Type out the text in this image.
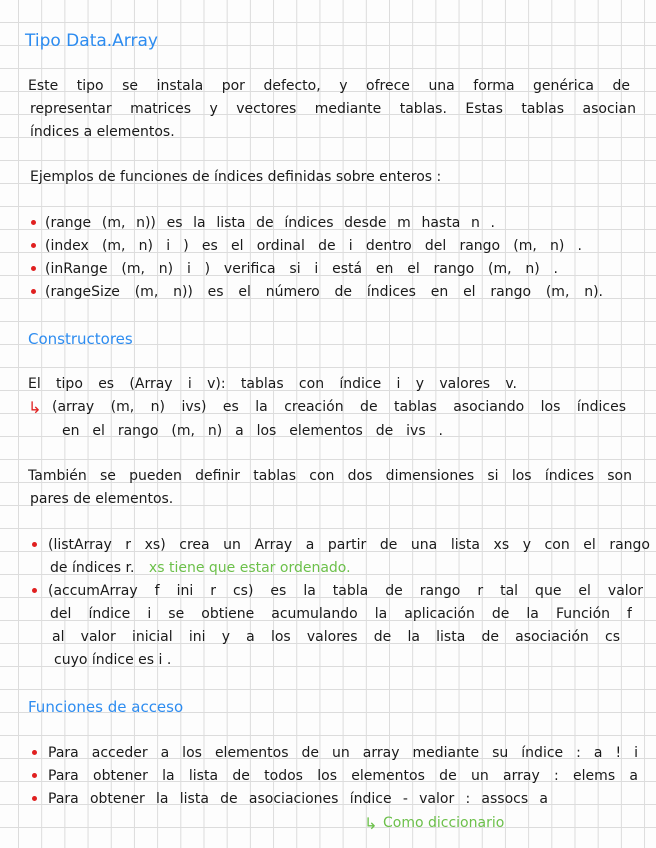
Tipo Data.Array
Este tipo se instala por defecto, y ofrece una forma genérica de
representar matrices y vectores mediante tablas. Estas tablas asocian
índices a elementos.
Ejemplos de funciones de índices definidas sobre enteros :
(range (m, n)) es la lista de índices desde m hasta n .
(index (m, n) i ) es el ordinal de i dentro del rango (m, n) .
(inRange (m, n) i ) verifica si i está en el rango (m, n) .
(rangeSize (m, n)) es el número de índices en el rango (m, n).
Constructores
El tipo es (Array i v): tablas con índice i y valores v.
↳ (array (m, n) ivs) es la creación de tablas asociando los índices
en el rango (m, n) a los elementos de ivs .
También se pueden definir tablas con dos dimensiones si los índices son
pares de elementos.
(listArray r xs) crea un Array a partir de una lista xs y con el rango
de índices r. xs tiene que estar ordenado.
(accumArray f ini r cs) es la tabla de rango r tal que el valor
del índice i se obtiene acumulando la aplicación de la Función f
al valor inicial ini y a los valores de la lista de asociación cs
cuyo índice es i .
Funciones de acceso
Para acceder a los elementos de un array mediante su índice : a ! i
Para obtener la lista de todos los elementos de un array : elems a
Para obtener la lista de asociaciones índice - valor : assocs a
↳ Como diccionario
